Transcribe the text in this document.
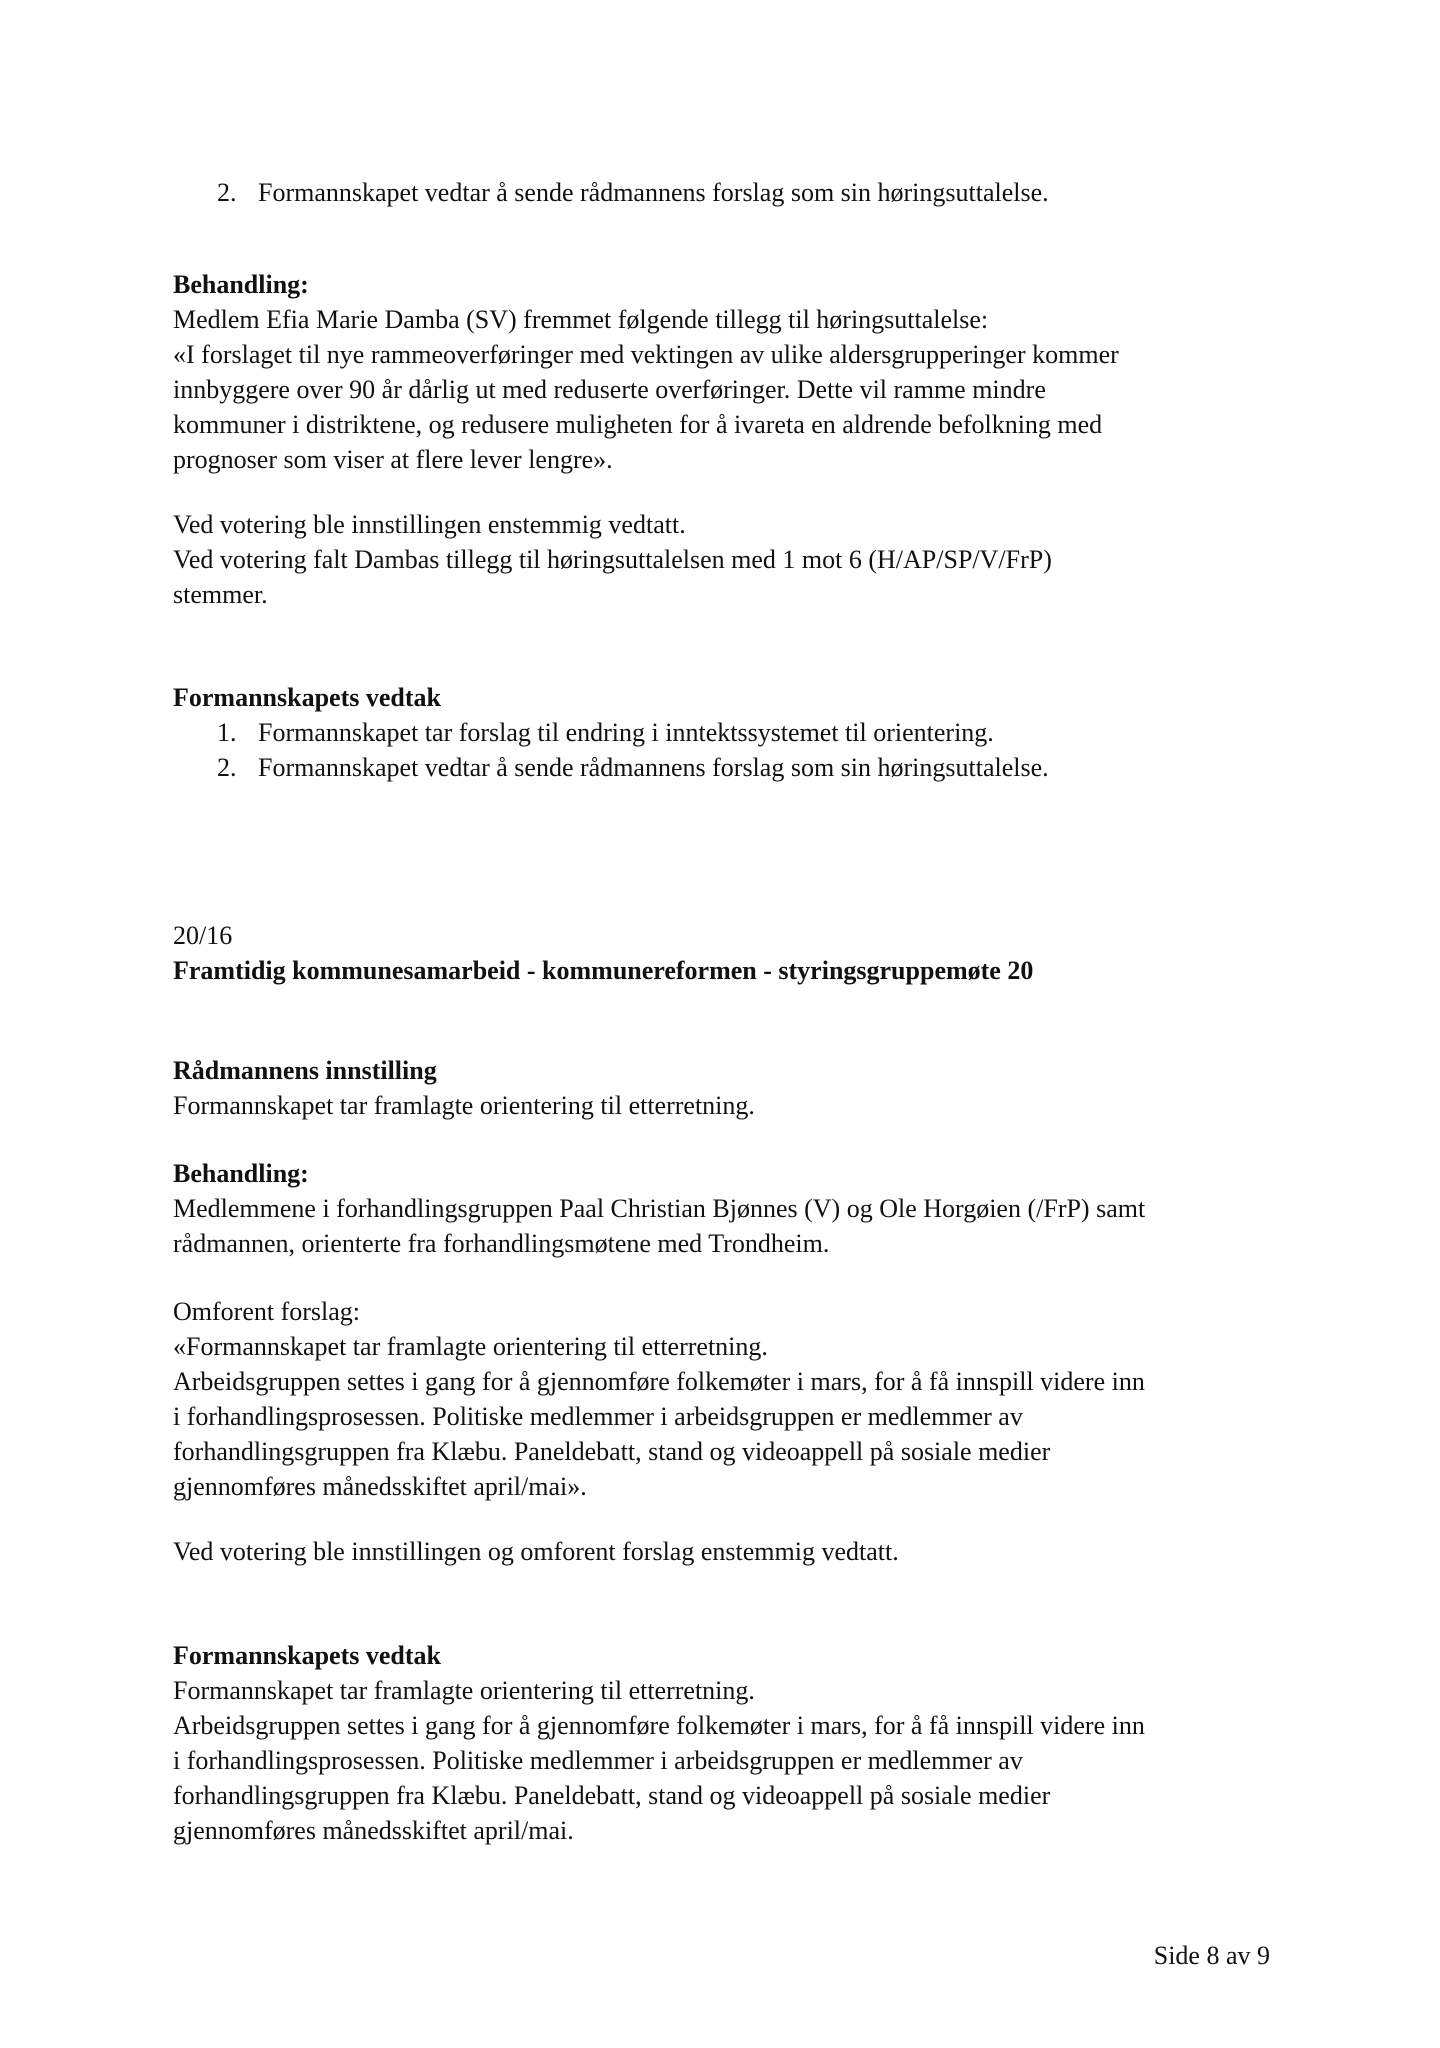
2. Formannskapet vedtar å sende rådmannens forslag som sin høringsuttalelse.
Behandling:
Medlem Efia Marie Damba (SV) fremmet følgende tillegg til høringsuttalelse:
«I forslaget til nye rammeoverføringer med vektingen av ulike aldersgrupperinger kommer
innbyggere over 90 år dårlig ut med reduserte overføringer. Dette vil ramme mindre
kommuner i distriktene, og redusere muligheten for å ivareta en aldrende befolkning med
prognoser som viser at flere lever lengre».
Ved votering ble innstillingen enstemmig vedtatt.
Ved votering falt Dambas tillegg til høringsuttalelsen med 1 mot 6 (H/AP/SP/V/FrP)
stemmer.
Formannskapets vedtak
1. Formannskapet tar forslag til endring i inntektssystemet til orientering.
2. Formannskapet vedtar å sende rådmannens forslag som sin høringsuttalelse.
20/16
Framtidig kommunesamarbeid - kommunereformen - styringsgruppemøte 20
Rådmannens innstilling
Formannskapet tar framlagte orientering til etterretning.
Behandling:
Medlemmene i forhandlingsgruppen Paal Christian Bjønnes (V) og Ole Horgøien (/FrP) samt
rådmannen, orienterte fra forhandlingsmøtene med Trondheim.
Omforent forslag:
«Formannskapet tar framlagte orientering til etterretning.
Arbeidsgruppen settes i gang for å gjennomføre folkemøter i mars, for å få innspill videre inn
i forhandlingsprosessen. Politiske medlemmer i arbeidsgruppen er medlemmer av
forhandlingsgruppen fra Klæbu. Paneldebatt, stand og videoappell på sosiale medier
gjennomføres månedsskiftet april/mai».
Ved votering ble innstillingen og omforent forslag enstemmig vedtatt.
Formannskapets vedtak
Formannskapet tar framlagte orientering til etterretning.
Arbeidsgruppen settes i gang for å gjennomføre folkemøter i mars, for å få innspill videre inn
i forhandlingsprosessen. Politiske medlemmer i arbeidsgruppen er medlemmer av
forhandlingsgruppen fra Klæbu. Paneldebatt, stand og videoappell på sosiale medier
gjennomføres månedsskiftet april/mai.
Side 8 av 9
